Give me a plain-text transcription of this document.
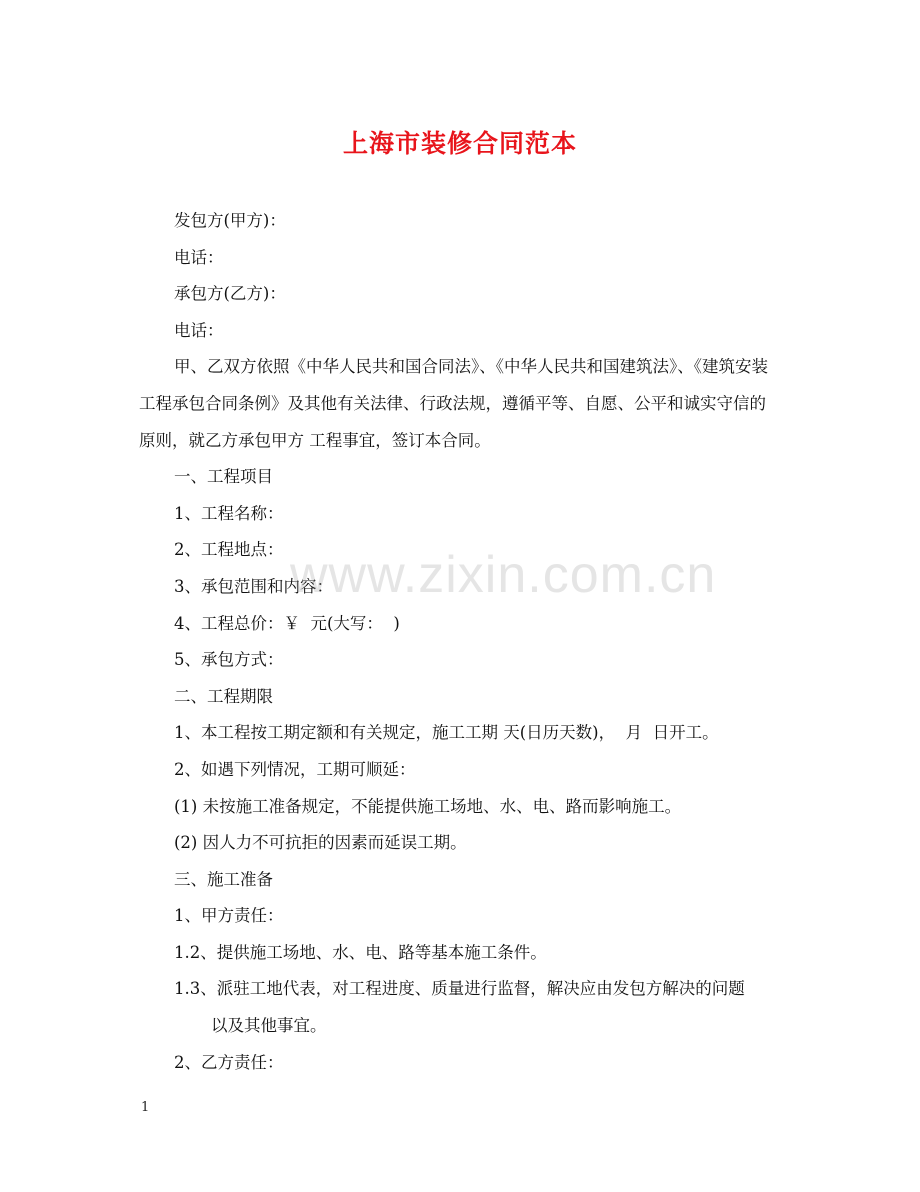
上海市装修合同范本

发包方(甲方)：

电话：

承包方(乙方)：

电话：

甲、乙双方依照《中华人民共和国合同法》、《中华人民共和国建筑法》、《建筑安装工程承包合同条例》及其他有关法律、行政法规，遵循平等、自愿、公平和诚实守信的原则，就乙方承包甲方 工程事宜，签订本合同。

一、工程项目

1、工程名称：

2、工程地点：

3、承包范围和内容：

4、工程总价：￥  元(大写：  )

5、承包方式：

二、工程期限

1、本工程按工期定额和有关规定，施工工期 天(日历天数)，  月  日开工。

2、如遇下列情况，工期可顺延：

(1) 未按施工准备规定，不能提供施工场地、水、电、路而影响施工。

(2) 因人力不可抗拒的因素而延误工期。

三、施工准备

1、甲方责任：

1.2、提供施工场地、水、电、路等基本施工条件。

1.3、派驻工地代表，对工程进度、质量进行监督，解决应由发包方解决的问题

以及其他事宜。

2、乙方责任：

www.zixin.com.cn
1
